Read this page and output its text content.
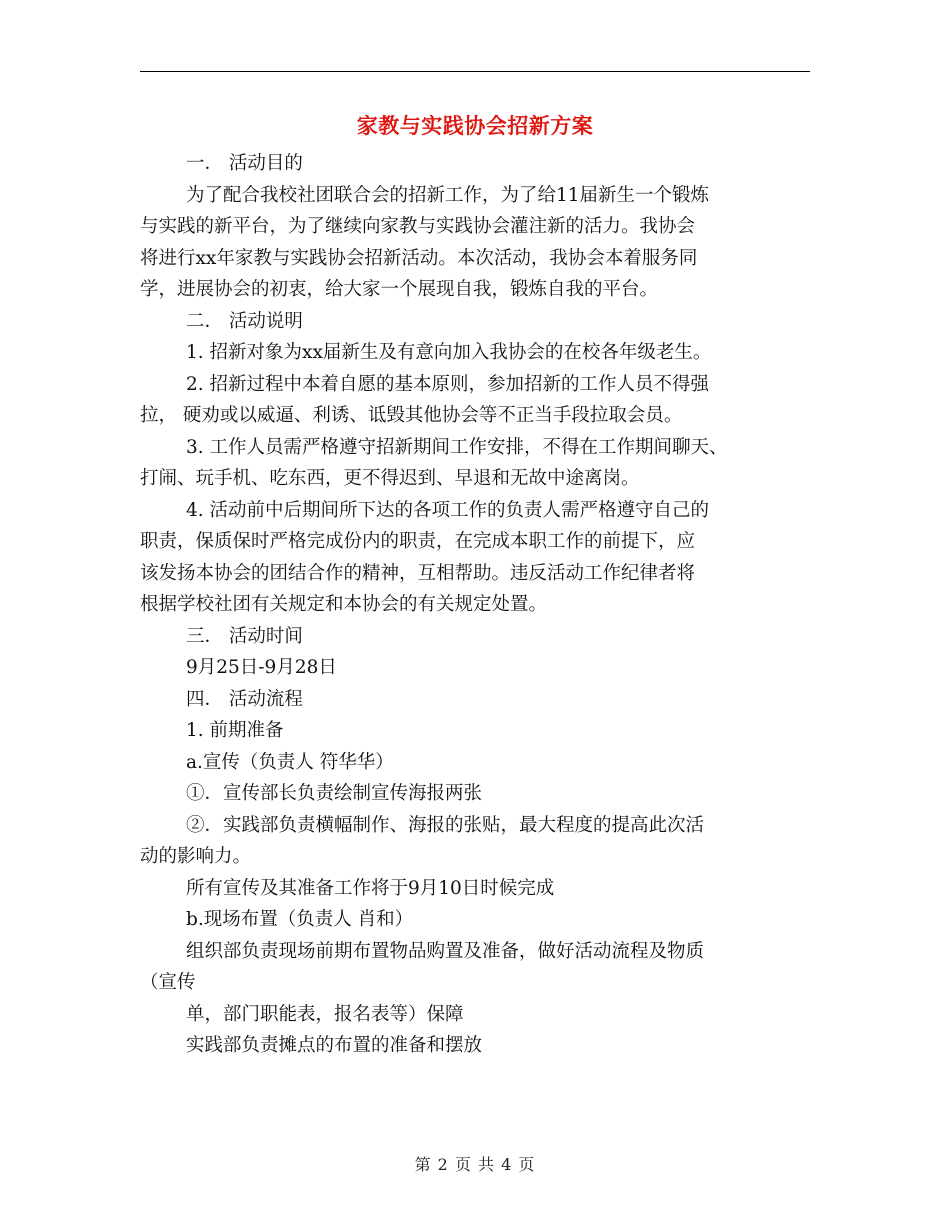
家教与实践协会招新方案
一． 活动目的
为了配合我校社团联合会的招新工作，为了给11届新生一个锻炼
与实践的新平台，为了继续向家教与实践协会灌注新的活力。我协会
将进行xx年家教与实践协会招新活动。本次活动，我协会本着服务同
学，进展协会的初衷，给大家一个展现自我，锻炼自我的平台。
二． 活动说明
1. 招新对象为xx届新生及有意向加入我协会的在校各年级老生。
2. 招新过程中本着自愿的基本原则，参加招新的工作人员不得强
拉， 硬劝或以威逼、利诱、诋毁其他协会等不正当手段拉取会员。
3. 工作人员需严格遵守招新期间工作安排，不得在工作期间聊天、
打闹、玩手机、吃东西，更不得迟到、早退和无故中途离岗。
4. 活动前中后期间所下达的各项工作的负责人需严格遵守自己的
职责，保质保时严格完成份内的职责，在完成本职工作的前提下，应
该发扬本协会的团结合作的精神，互相帮助。违反活动工作纪律者将
根据学校社团有关规定和本协会的有关规定处置。
三． 活动时间
9月25日-9月28日
四． 活动流程
1. 前期准备
a.宣传（负责人 符华华）
①．宣传部长负责绘制宣传海报两张
②．实践部负责横幅制作、海报的张贴，最大程度的提高此次活
动的影响力。
所有宣传及其准备工作将于9月10日时候完成
b.现场布置（负责人 肖和）
组织部负责现场前期布置物品购置及准备，做好活动流程及物质
（宣传
单，部门职能表，报名表等）保障
实践部负责摊点的布置的准备和摆放
第 2 页 共 4 页
